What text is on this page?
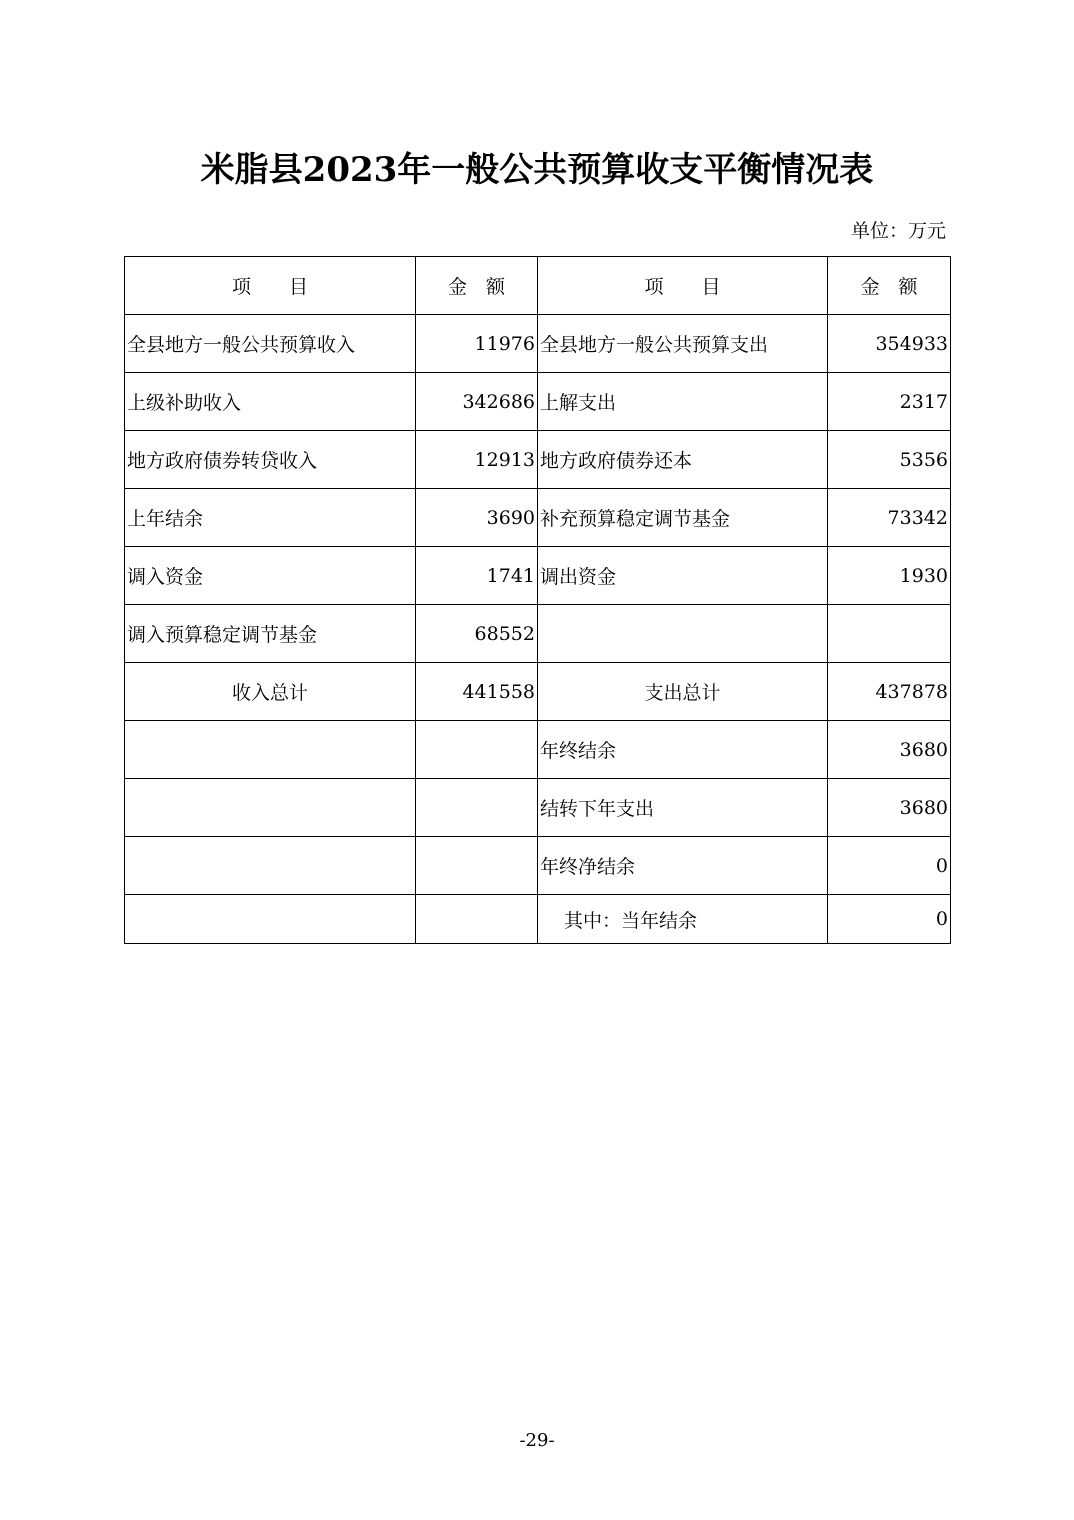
米脂县2023年一般公共预算收支平衡情况表
单位：万元
项　　目	金　额	项　　目	金　额
全县地方一般公共预算收入	11976	全县地方一般公共预算支出	354933
上级补助收入	342686	上解支出	2317
地方政府债券转贷收入	12913	地方政府债券还本	5356
上年结余	3690	补充预算稳定调节基金	73342
调入资金	1741	调出资金	1930
调入预算稳定调节基金	68552		
收入总计	441558	支出总计	437878
		年终结余	3680
		结转下年支出	3680
		年终净结余	0
		其中：当年结余	0
-29-
